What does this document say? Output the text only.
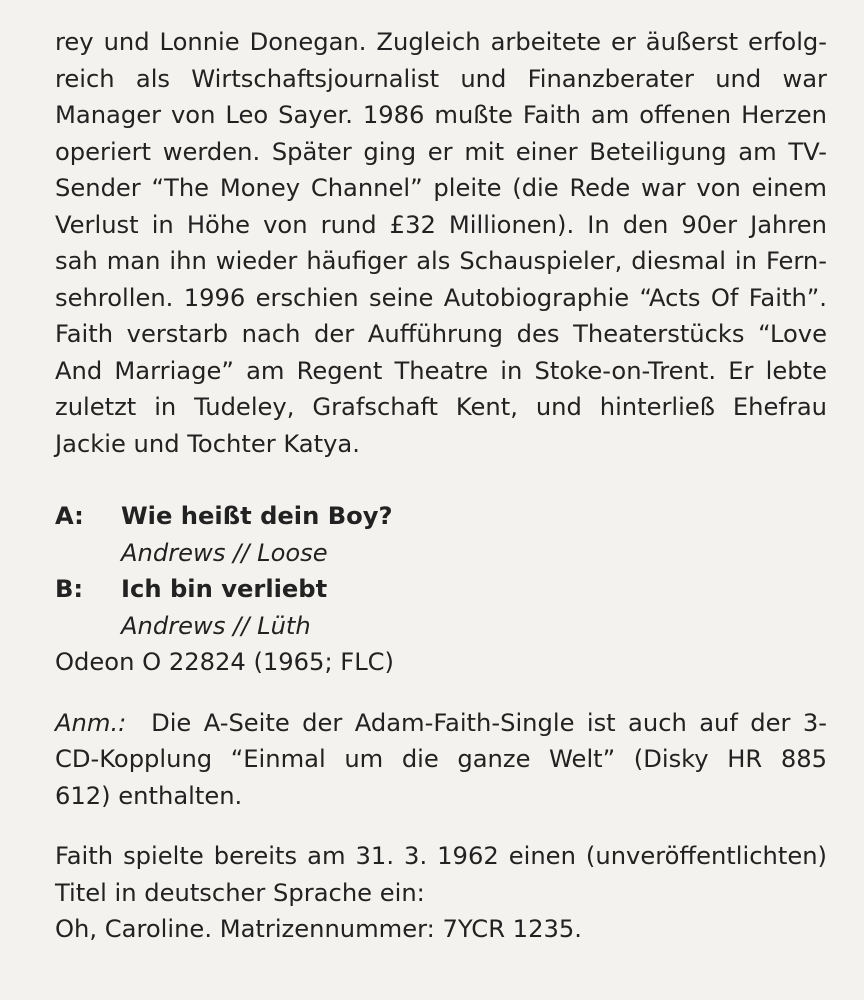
rey und Lonnie Donegan. Zugleich arbeitete er äußerst erfolg-
reich als Wirtschaftsjournalist und Finanzberater und war
Manager von Leo Sayer. 1986 mußte Faith am offenen Herzen
operiert werden. Später ging er mit einer Beteiligung am TV-
Sender “The Money Channel” pleite (die Rede war von einem
Verlust in Höhe von rund £32 Millionen). In den 90er Jahren
sah man ihn wieder häufiger als Schauspieler, diesmal in Fern-
sehrollen. 1996 erschien seine Autobiographie “Acts Of Faith”.
Faith verstarb nach der Aufführung des Theaterstücks “Love
And Marriage” am Regent Theatre in Stoke-on-Trent. Er lebte
zuletzt in Tudeley, Grafschaft Kent, und hinterließ Ehefrau
Jackie und Tochter Katya.
A:	Wie heißt dein Boy?
Andrews // Loose
B:	Ich bin verliebt
Andrews // Lüth
Odeon O 22824 (1965; FLC)
Anm.: Die A-Seite der Adam-Faith-Single ist auch auf der 3-
CD-Kopplung “Einmal um die ganze Welt” (Disky HR 885
612) enthalten.
Faith spielte bereits am 31. 3. 1962 einen (unveröffentlichten)
Titel in deutscher Sprache ein:
Oh, Caroline. Matrizennummer: 7YCR 1235.
